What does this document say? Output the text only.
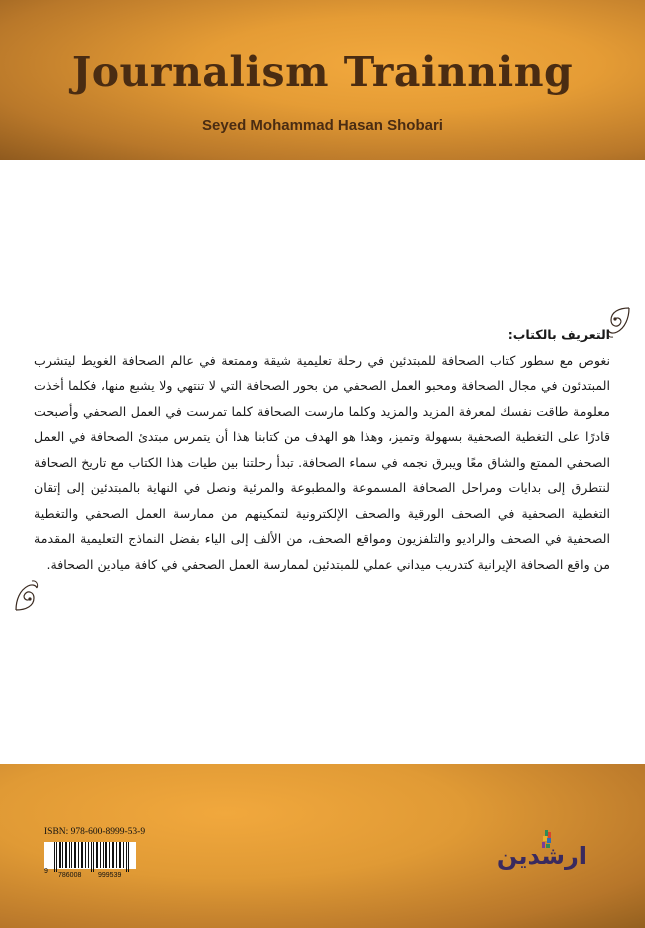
Journalism Trainning
Seyed Mohammad Hasan Shobari
التعريف بالكتاب:
نغوص مع سطور كتاب الصحافة للمبتدئين في رحلة تعليمية شيقة وممتعة في عالم الصحافة الغويط ليتشرب المبتدئون في مجال الصحافة ومحبو العمل الصحفي من بحور الصحافة التي لا تنتهي ولا يشبع منها، فكلما أخذت معلومة طاقت نفسك لمعرفة المزيد والمزيد وكلما مارست الصحافة كلما تمرست في العمل الصحفي وأصبحت قادرًا على التغطية الصحفية بسهولة وتميز، وهذا هو الهدف من كتابنا هذا أن يتمرس مبتدئ الصحافة في العمل الصحفي الممتع والشاق معًا ويبرق نجمه في سماء الصحافة. تبدأ رحلتنا بين طيات هذا الكتاب مع تاريخ الصحافة لنتطرق إلى بدايات ومراحل الصحافة المسموعة والمطبوعة والمرئية ونصل في النهاية بالمبتدئين إلى إتقان التغطية الصحفية في الصحف الورقية والصحف الإلكترونية لتمكينهم من ممارسة العمل الصحفي والتغطية الصحفية في الصحف والراديو والتلفزيون ومواقع الصحف، من الألف إلى الياء بفضل النماذج التعليمية المقدمة من واقع الصحافة الإيرانية كتدريب ميداني عملي للمبتدئين لممارسة العمل الصحفي في كافة ميادين الصحافة.
ISBN: 978-600-8999-53-9
9
786008 999539
ارشدين
